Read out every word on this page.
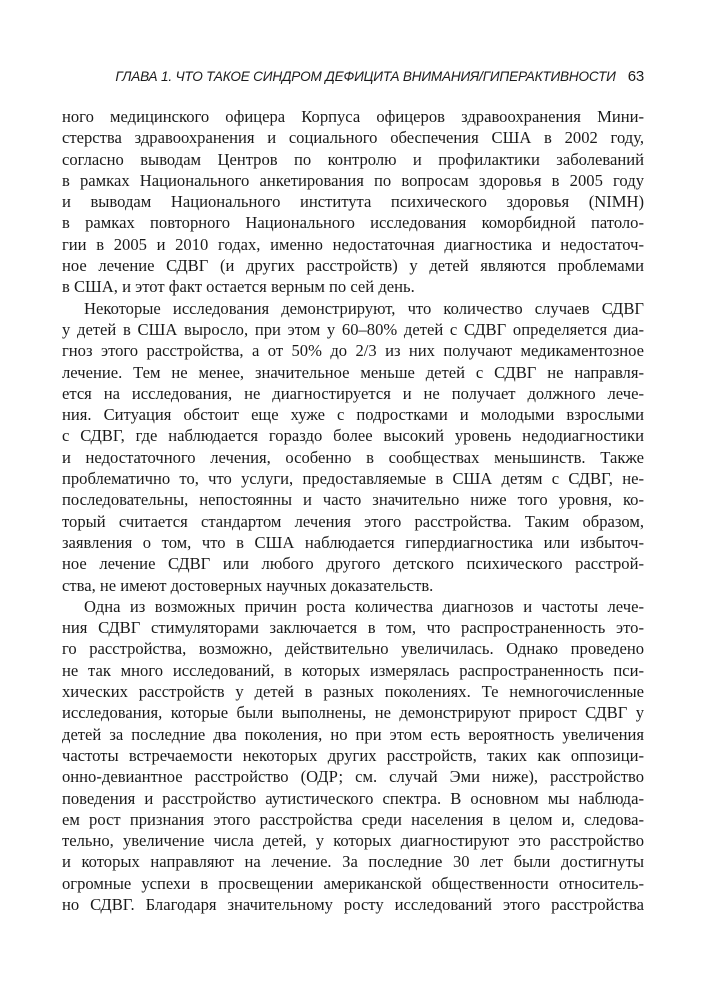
ГЛАВА 1. ЧТО ТАКОЕ СИНДРОМ ДЕФИЦИТА ВНИМАНИЯ/ГИПЕРАКТИВНОСТИ 63

ного медицинского офицера Корпуса офицеров здравоохранения Мини-
стерства здравоохранения и социального обеспечения США в 2002 году,
согласно выводам Центров по контролю и профилактики заболеваний
в рамках Национального анкетирования по вопросам здоровья в 2005 году
и выводам Национального института психического здоровья (NIMH)
в рамках повторного Национального исследования коморбидной патоло-
гии в 2005 и 2010 годах, именно недостаточная диагностика и недостаточ-
ное лечение СДВГ (и других расстройств) у детей являются проблемами
в США, и этот факт остается верным по сей день.

Некоторые исследования демонстрируют, что количество случаев СДВГ
у детей в США выросло, при этом у 60–80% детей с СДВГ определяется диа-
гноз этого расстройства, а от 50% до 2/3 из них получают медикаментозное
лечение. Тем не менее, значительное меньше детей с СДВГ не направля-
ется на исследования, не диагностируется и не получает должного лече-
ния. Ситуация обстоит еще хуже с подростками и молодыми взрослыми
с СДВГ, где наблюдается гораздо более высокий уровень недодиагностики
и недостаточного лечения, особенно в сообществах меньшинств. Также
проблематично то, что услуги, предоставляемые в США детям с СДВГ, не-
последовательны, непостоянны и часто значительно ниже того уровня, ко-
торый считается стандартом лечения этого расстройства. Таким образом,
заявления о том, что в США наблюдается гипердиагностика или избыточ-
ное лечение СДВГ или любого другого детского психического расстрой-
ства, не имеют достоверных научных доказательств.

Одна из возможных причин роста количества диагнозов и частоты лече-
ния СДВГ стимуляторами заключается в том, что распространенность это-
го расстройства, возможно, действительно увеличилась. Однако проведено
не так много исследований, в которых измерялась распространенность пси-
хических расстройств у детей в разных поколениях. Те немногочисленные
исследования, которые были выполнены, не демонстрируют прирост СДВГ у
детей за последние два поколения, но при этом есть вероятность увеличения
частоты встречаемости некоторых других расстройств, таких как оппозици-
онно-девиантное расстройство (ОДР; см. случай Эми ниже), расстройство
поведения и расстройство аутистического спектра. В основном мы наблюда-
ем рост признания этого расстройства среди населения в целом и, следова-
тельно, увеличение числа детей, у которых диагностируют это расстройство
и которых направляют на лечение. За последние 30 лет были достигнуты
огромные успехи в просвещении американской общественности относитель-
но СДВГ. Благодаря значительному росту исследований этого расстройства
